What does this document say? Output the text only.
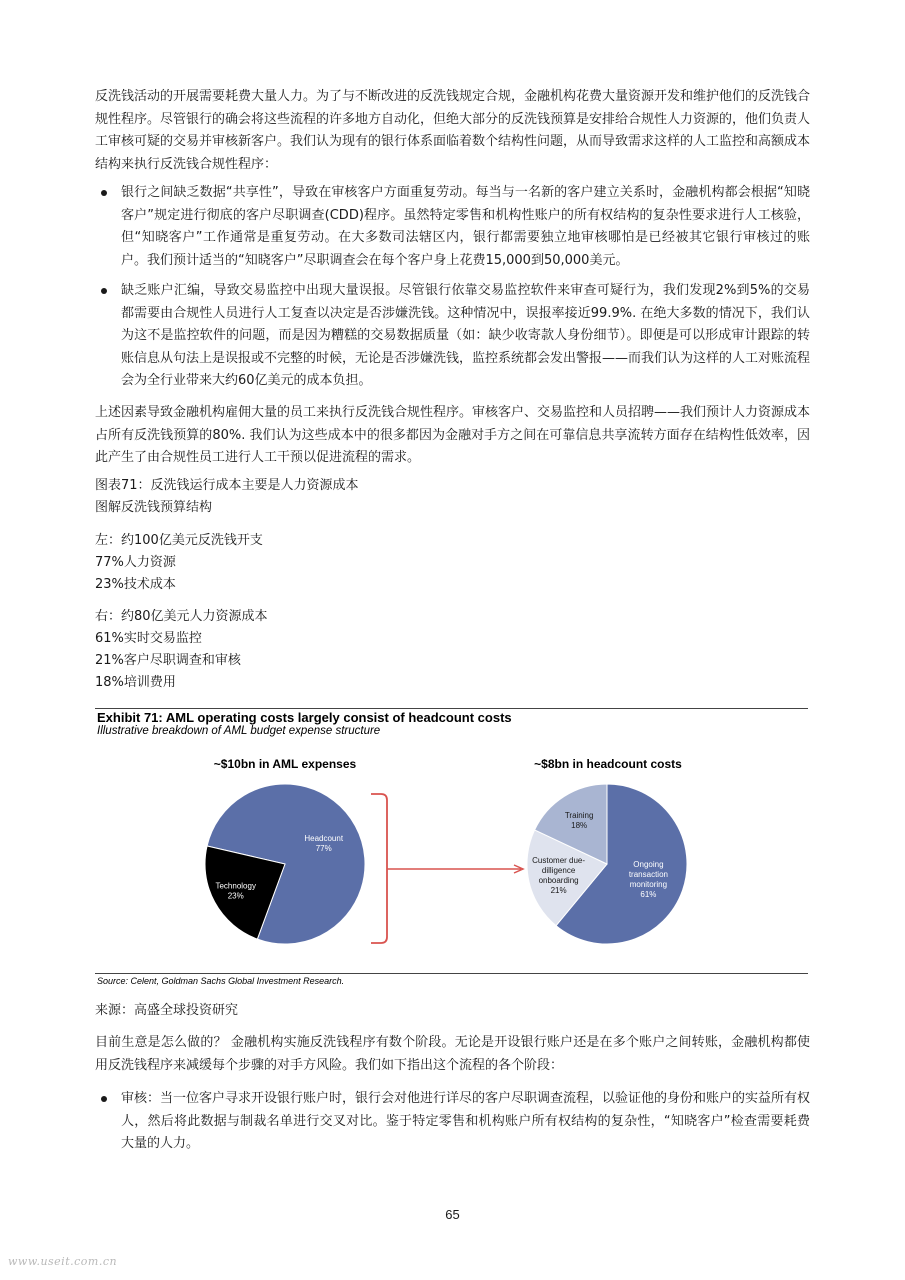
反洗钱活动的开展需要耗费大量人力。为了与不断改进的反洗钱规定合规，金融机构花费大量资源开发和维护他们的反洗钱合规性程序。尽管银行的确会将这些流程的许多地方自动化，但绝大部分的反洗钱预算是安排给合规性人力资源的，他们负责人工审核可疑的交易并审核新客户。我们认为现有的银行体系面临着数个结构性问题，从而导致需求这样的人工监控和高额成本结构来执行反洗钱合规性程序：

银行之间缺乏数据“共享性”，导致在审核客户方面重复劳动。每当与一名新的客户建立关系时，金融机构都会根据“知晓客户”规定进行彻底的客户尽职调查(CDD)程序。虽然特定零售和机构性账户的所有权结构的复杂性要求进行人工核验，但“知晓客户”工作通常是重复劳动。在大多数司法辖区内，银行都需要独立地审核哪怕是已经被其它银行审核过的账户。我们预计适当的“知晓客户”尽职调查会在每个客户身上花费15,000到50,000美元。
缺乏账户汇编，导致交易监控中出现大量误报。尽管银行依靠交易监控软件来审查可疑行为，我们发现2%到5%的交易都需要由合规性人员进行人工复查以决定是否涉嫌洗钱。这种情况中，误报率接近99.9%. 在绝大多数的情况下，我们认为这不是监控软件的问题，而是因为糟糕的交易数据质量（如：缺少收寄款人身份细节）。即便是可以形成审计跟踪的转账信息从句法上是误报或不完整的时候，无论是否涉嫌洗钱，监控系统都会发出警报——而我们认为这样的人工对账流程会为全行业带来大约60亿美元的成本负担。

上述因素导致金融机构雇佣大量的员工来执行反洗钱合规性程序。审核客户、交易监控和人员招聘——我们预计人力资源成本占所有反洗钱预算的80%. 我们认为这些成本中的很多都因为金融对手方之间在可靠信息共享流转方面存在结构性低效率，因此产生了由合规性员工进行人工干预以促进流程的需求。

图表71：反洗钱运行成本主要是人力资源成本

图解反洗钱预算结构

左：约100亿美元反洗钱开支

77%人力资源

23%技术成本

右：约80亿美元人力资源成本

61%实时交易监控

21%客户尽职调查和审核

18%培训费用

Exhibit 71: AML operating costs largely consist of headcount costs
Illustrative breakdown of AML budget expense structure
~$10bn in AML expenses	~$8bn in headcount costs
Headcount
77%
Technology
23%
Ongoing
transaction
monitoring
61%
Customer due-
dilligence
onboarding
21%
Training
18%
Source: Celent, Goldman Sachs Global Investment Research.

来源：高盛全球投资研究

目前生意是怎么做的？ 金融机构实施反洗钱程序有数个阶段。无论是开设银行账户还是在多个账户之间转账，金融机构都使用反洗钱程序来减缓每个步骤的对手方风险。我们如下指出这个流程的各个阶段：

审核：当一位客户寻求开设银行账户时，银行会对他进行详尽的客户尽职调查流程，以验证他的身份和账户的实益所有权人，然后将此数据与制裁名单进行交叉对比。鉴于特定零售和机构账户所有权结构的复杂性，“知晓客户”检查需要耗费大量的人力。
65
www.useit.com.cn
